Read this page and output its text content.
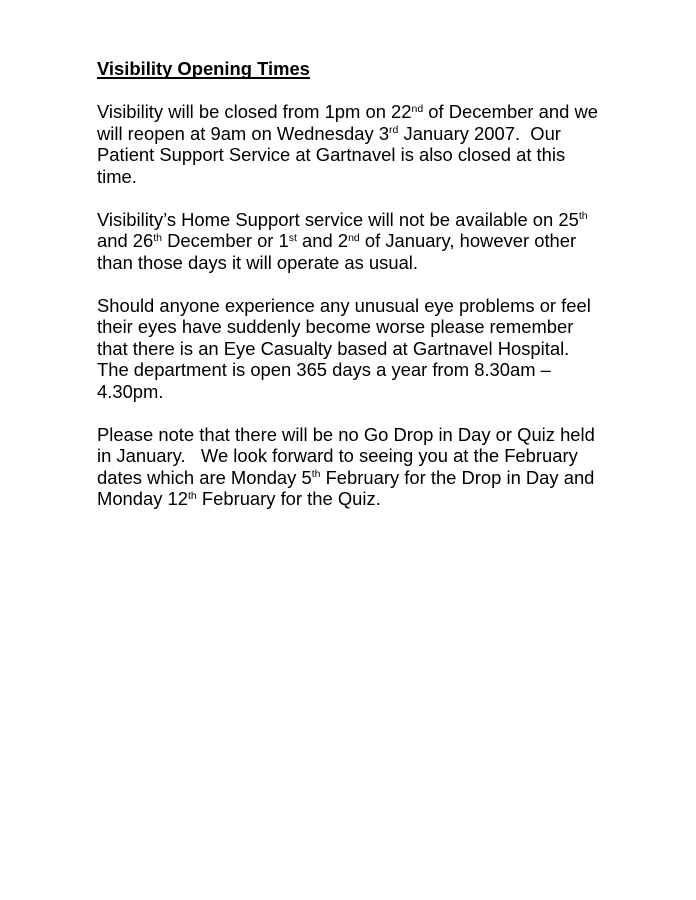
Visibility Opening Times

Visibility will be closed from 1pm on 22nd of December and we
will reopen at 9am on Wednesday 3rd January 2007.  Our
Patient Support Service at Gartnavel is also closed at this
time.

Visibility’s Home Support service will not be available on 25th
and 26th December or 1st and 2nd of January, however other
than those days it will operate as usual.

Should anyone experience any unusual eye problems or feel
their eyes have suddenly become worse please remember
that there is an Eye Casualty based at Gartnavel Hospital.
The department is open 365 days a year from 8.30am –
4.30pm.

Please note that there will be no Go Drop in Day or Quiz held
in January.   We look forward to seeing you at the February
dates which are Monday 5th February for the Drop in Day and
Monday 12th February for the Quiz.
